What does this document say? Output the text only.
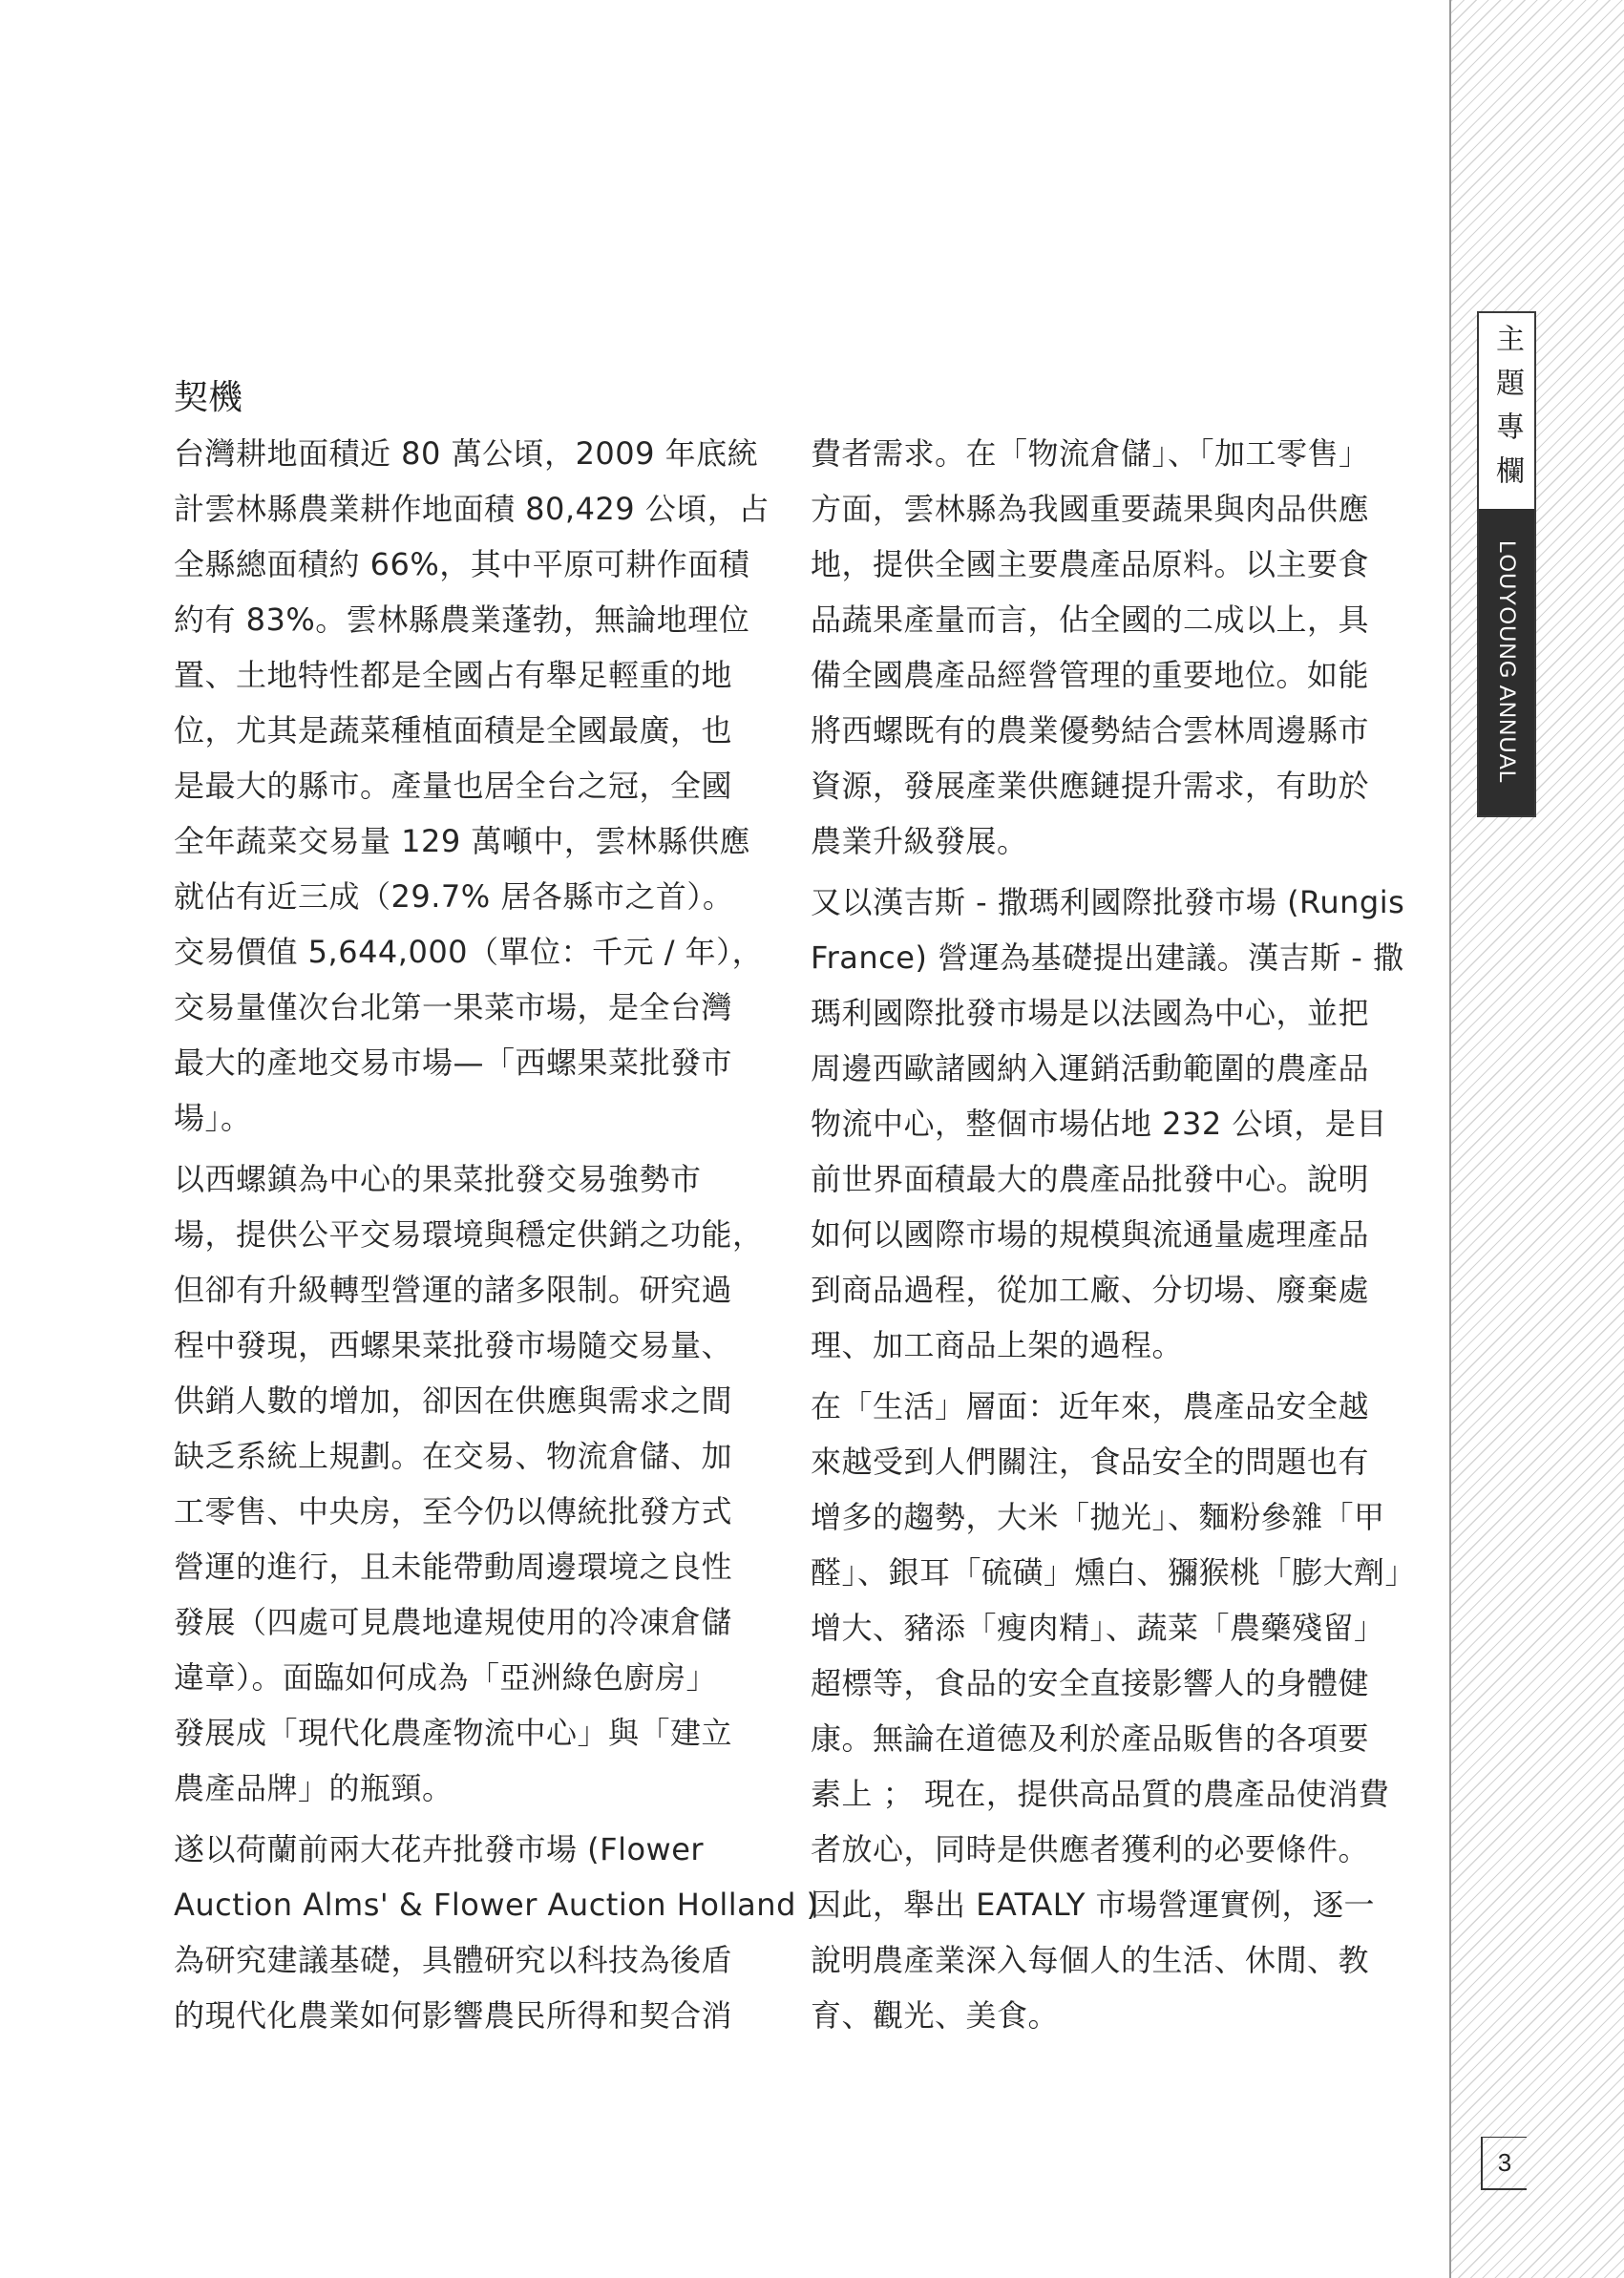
主題專欄
LOUYOUNG ANNUAL
3
契機

台灣耕地面積近 80 萬公頃，2009 年底統

計雲林縣農業耕作地面積 80,429 公頃，占

全縣總面積約 66%，其中平原可耕作面積

約有 83%。雲林縣農業蓬勃，無論地理位

置、土地特性都是全國占有舉足輕重的地

位，尤其是蔬菜種植面積是全國最廣，也

是最大的縣市。產量也居全台之冠，全國

全年蔬菜交易量 129 萬噸中，雲林縣供應

就佔有近三成（29.7% 居各縣市之首）。

交易價值 5,644,000（單位：千元 / 年），

交易量僅次台北第一果菜市場，是全台灣

最大的產地交易市場—「西螺果菜批發市

場」。

以西螺鎮為中心的果菜批發交易強勢市

場，提供公平交易環境與穩定供銷之功能，

但卻有升級轉型營運的諸多限制。研究過

程中發現，西螺果菜批發市場隨交易量、

供銷人數的增加，卻因在供應與需求之間

缺乏系統上規劃。在交易、物流倉儲、加

工零售、中央房，至今仍以傳統批發方式

營運的進行，且未能帶動周邊環境之良性

發展（四處可見農地違規使用的冷凍倉儲

違章）。面臨如何成為「亞洲綠色廚房」

發展成「現代化農產物流中心」與「建立

農產品牌」的瓶頸。

遂以荷蘭前兩大花卉批發市場 (Flower

Auction Alms' & Flower Auction Holland )

為研究建議基礎，具體研究以科技為後盾

的現代化農業如何影響農民所得和契合消

費者需求。在「物流倉儲」、「加工零售」

方面，雲林縣為我國重要蔬果與肉品供應

地，提供全國主要農產品原料。以主要食

品蔬果產量而言，佔全國的二成以上，具

備全國農產品經營管理的重要地位。如能

將西螺既有的農業優勢結合雲林周邊縣市

資源，發展產業供應鏈提升需求，有助於

農業升級發展。

又以漢吉斯 - 撒瑪利國際批發市場 (Rungis

France) 營運為基礎提出建議。漢吉斯 - 撒

瑪利國際批發市場是以法國為中心，並把

周邊西歐諸國納入運銷活動範圍的農產品

物流中心，整個市場佔地 232 公頃，是目

前世界面積最大的農產品批發中心。說明

如何以國際市場的規模與流通量處理產品

到商品過程，從加工廠、分切場、廢棄處

理、加工商品上架的過程。

在「生活」層面：近年來，農產品安全越

來越受到人們關注，食品安全的問題也有

增多的趨勢，大米「拋光」、麵粉參雜「甲

醛」、銀耳「硫磺」燻白、獼猴桃「膨大劑」

增大、豬添「瘦肉精」、蔬菜「農藥殘留」

超標等，食品的安全直接影響人的身體健

康。無論在道德及利於產品販售的各項要

素上 ； 現在，提供高品質的農產品使消費

者放心，同時是供應者獲利的必要條件。

因此，舉出 EATALY 市場營運實例，逐一

說明農產業深入每個人的生活、休閒、教

育、觀光、美食。
